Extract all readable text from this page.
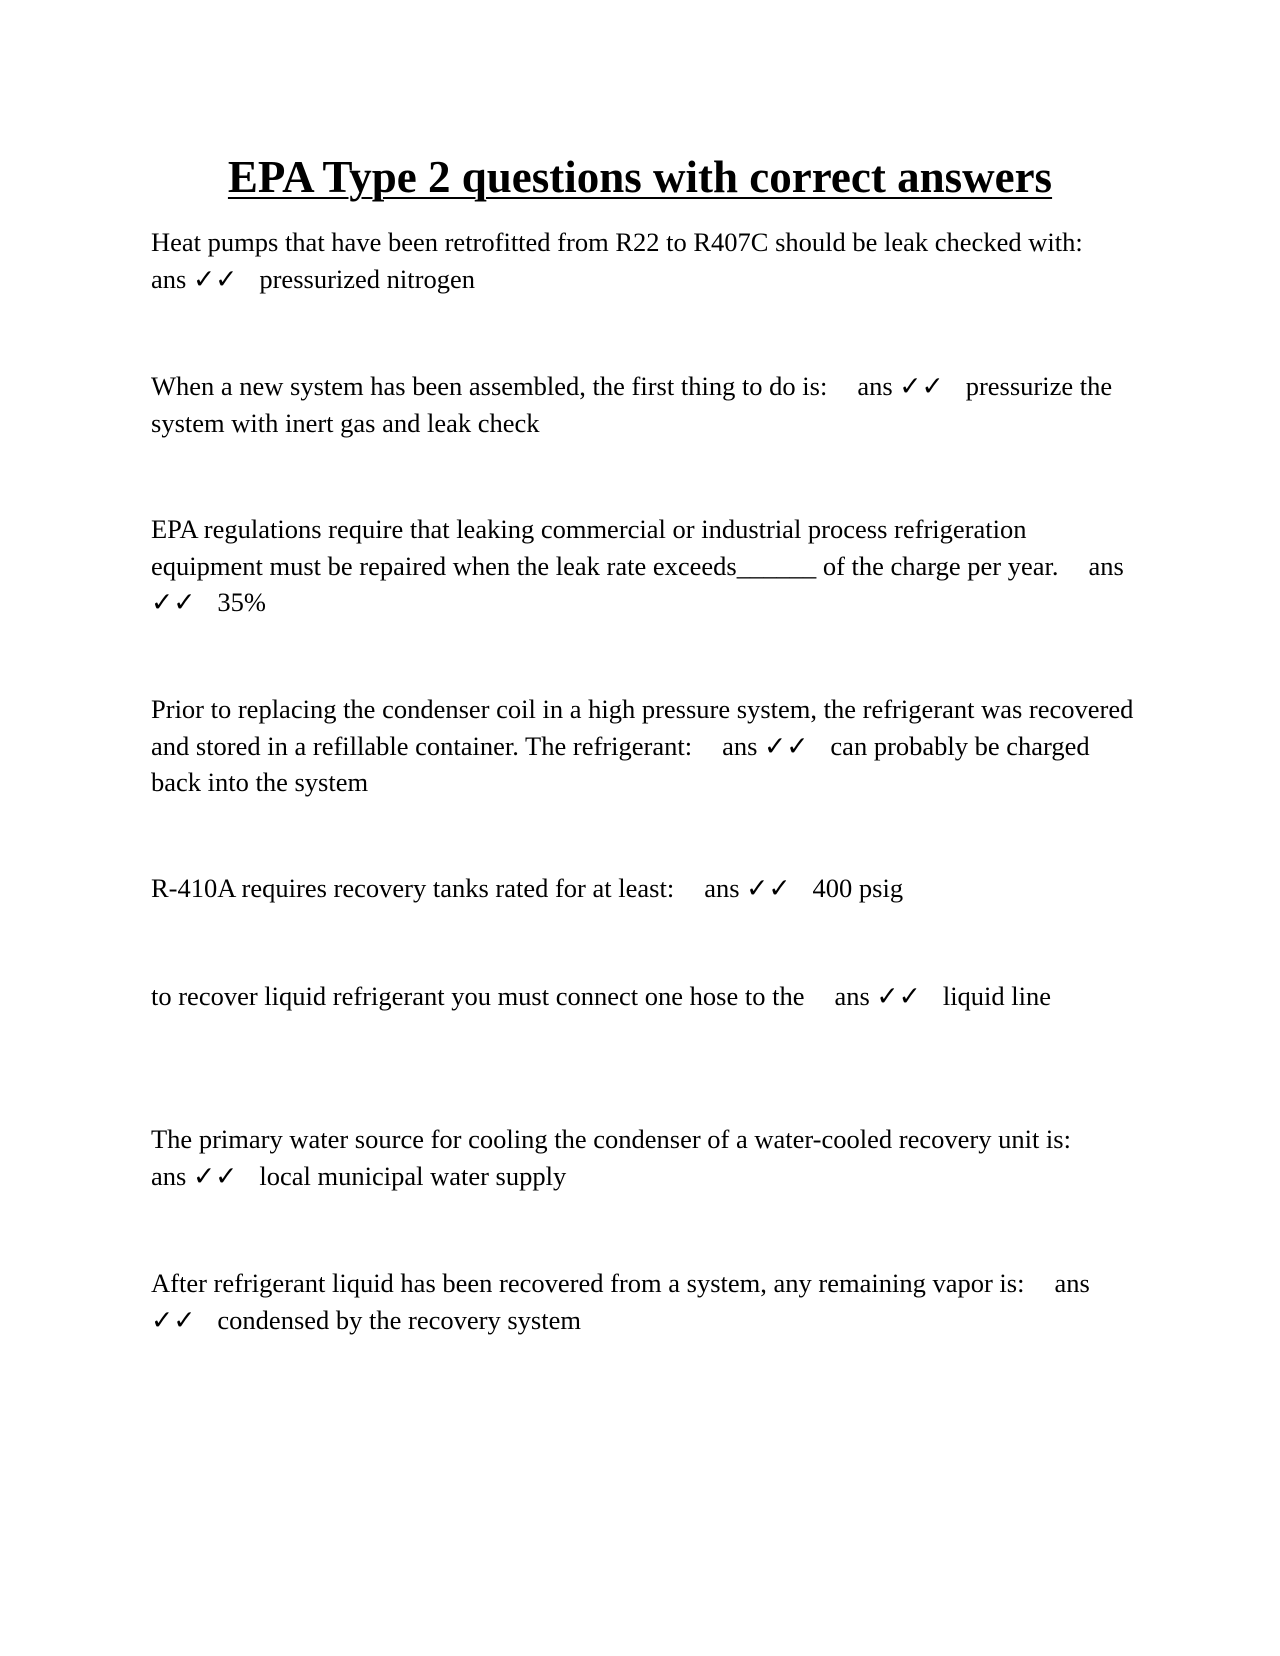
EPA Type 2 questions with correct answers

Heat pumps that have been retrofitted from R22 to R407C should be leak checked with:ans ✓✓ pressurized nitrogen

When a new system has been assembled, the first thing to do is: ans ✓✓ pressurize the system with inert gas and leak check

EPA regulations require that leaking commercial or industrial process refrigeration equipment must be repaired when the leak rate exceeds______ of the charge per year. ans ✓✓ 35%

Prior to replacing the condenser coil in a high pressure system, the refrigerant was recovered and stored in a refillable container. The refrigerant: ans ✓✓ can probably be charged back into the system

R-410A requires recovery tanks rated for at least: ans ✓✓ 400 psig

to recover liquid refrigerant you must connect one hose to the ans ✓✓ liquid line

The primary water source for cooling the condenser of a water-cooled recovery unit is:ans ✓✓ local municipal water supply

After refrigerant liquid has been recovered from a system, any remaining vapor is: ans ✓✓ condensed by the recovery system
